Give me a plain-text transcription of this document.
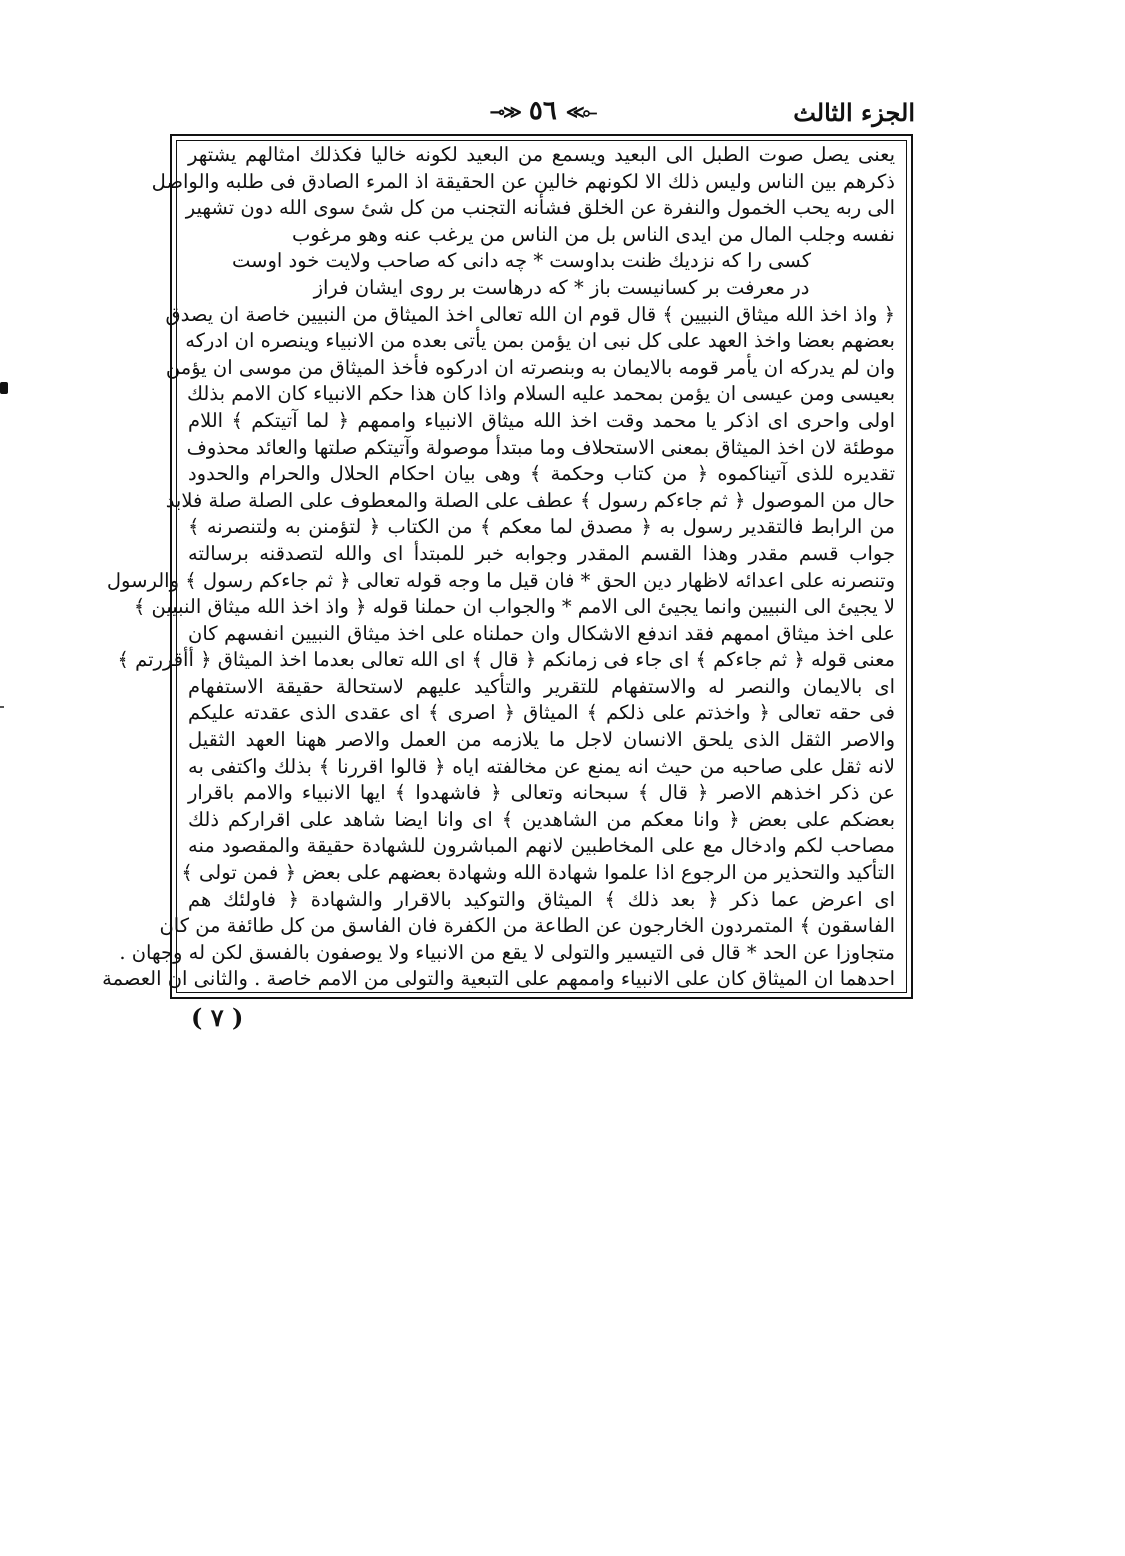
الجزء الثالث
⊸≫ ٥٦ ≪⟜
يعنى يصل صوت الطبل الى البعيد ويسمع من البعيد لكونه خاليا فكذلك امثالهم يشتهر
ذكرهم بين الناس وليس ذلك الا لكونهم خالين عن الحقيقة اذ المرء الصادق فى طلبه والواصل
الى ربه يحب الخمول والنفرة عن الخلق فشأنه التجنب من كل شئ سوى الله دون تشهير
نفسه وجلب المال من ايدى الناس بل من الناس من يرغب عنه وهو مرغوب
كسى را كه نزديك ظنت بداوست * چه دانى كه صاحب ولايت خود اوست
در معرفت بر كسانيست باز * كه درهاست بر روى ايشان فراز
﴿ واذ اخذ الله ميثاق النبيين ﴾ قال قوم ان الله تعالى اخذ الميثاق من النبيين خاصة ان يصدق
بعضهم بعضا واخذ العهد على كل نبى ان يؤمن بمن يأتى بعده من الانبياء وينصره ان ادركه
وان لم يدركه ان يأمر قومه بالايمان به وبنصرته ان ادركوه فأخذ الميثاق من موسى ان يؤمن
بعيسى ومن عيسى ان يؤمن بمحمد عليه السلام واذا كان هذا حكم الانبياء كان الامم بذلك
اولى واحرى اى اذكر يا محمد وقت اخذ الله ميثاق الانبياء واممهم ﴿ لما آتيتكم ﴾ اللام
موطئة لان اخذ الميثاق بمعنى الاستحلاف وما مبتدأ موصولة وآتيتكم صلتها والعائد محذوف
تقديره للذى آتيناكموه ﴿ من كتاب وحكمة ﴾ وهى بيان احكام الحلال والحرام والحدود
حال من الموصول ﴿ ثم جاءكم رسول ﴾ عطف على الصلة والمعطوف على الصلة صلة فلابد
من الرابط فالتقدير رسول به ﴿ مصدق لما معكم ﴾ من الكتاب ﴿ لتؤمنن به ولتنصرنه ﴾
جواب قسم مقدر وهذا القسم المقدر وجوابه خبر للمبتدأ اى والله لتصدقنه برسالته
وتنصرنه على اعدائه لاظهار دين الحق * فان قيل ما وجه قوله تعالى ﴿ ثم جاءكم رسول ﴾ والرسول
لا يجيئ الى النبيين وانما يجيئ الى الامم * والجواب ان حملنا قوله ﴿ واذ اخذ الله ميثاق النبيين ﴾
على اخذ ميثاق اممهم فقد اندفع الاشكال وان حملناه على اخذ ميثاق النبيين انفسهم كان
معنى قوله ﴿ ثم جاءكم ﴾ اى جاء فى زمانكم ﴿ قال ﴾ اى الله تعالى بعدما اخذ الميثاق ﴿ أأقررتم ﴾
اى بالايمان والنصر له والاستفهام للتقرير والتأكيد عليهم لاستحالة حقيقة الاستفهام
فى حقه تعالى ﴿ واخذتم على ذلكم ﴾ الميثاق ﴿ اصرى ﴾ اى عقدى الذى عقدته عليكم
والاصر الثقل الذى يلحق الانسان لاجل ما يلازمه من العمل والاصر ههنا العهد الثقيل
لانه ثقل على صاحبه من حيث انه يمنع عن مخالفته اياه ﴿ قالوا اقررنا ﴾ بذلك واكتفى به
عن ذكر اخذهم الاصر ﴿ قال ﴾ سبحانه وتعالى ﴿ فاشهدوا ﴾ ايها الانبياء والامم باقرار
بعضكم على بعض ﴿ وانا معكم من الشاهدين ﴾ اى وانا ايضا شاهد على اقراركم ذلك
مصاحب لكم وادخال مع على المخاطبين لانهم المباشرون للشهادة حقيقة والمقصود منه
التأكيد والتحذير من الرجوع اذا علموا شهادة الله وشهادة بعضهم على بعض ﴿ فمن تولى ﴾
اى اعرض عما ذكر ﴿ بعد ذلك ﴾ الميثاق والتوكيد بالاقرار والشهادة ﴿ فاولئك هم
الفاسقون ﴾ المتمردون الخارجون عن الطاعة من الكفرة فان الفاسق من كل طائفة من كان
متجاوزا عن الحد * قال فى التيسير والتولى لا يقع من الانبياء ولا يوصفون بالفسق لكن له وجهان .
احدهما ان الميثاق كان على الانبياء واممهم على التبعية والتولى من الامم خاصة . والثانى ان العصمة
( ٧ )
